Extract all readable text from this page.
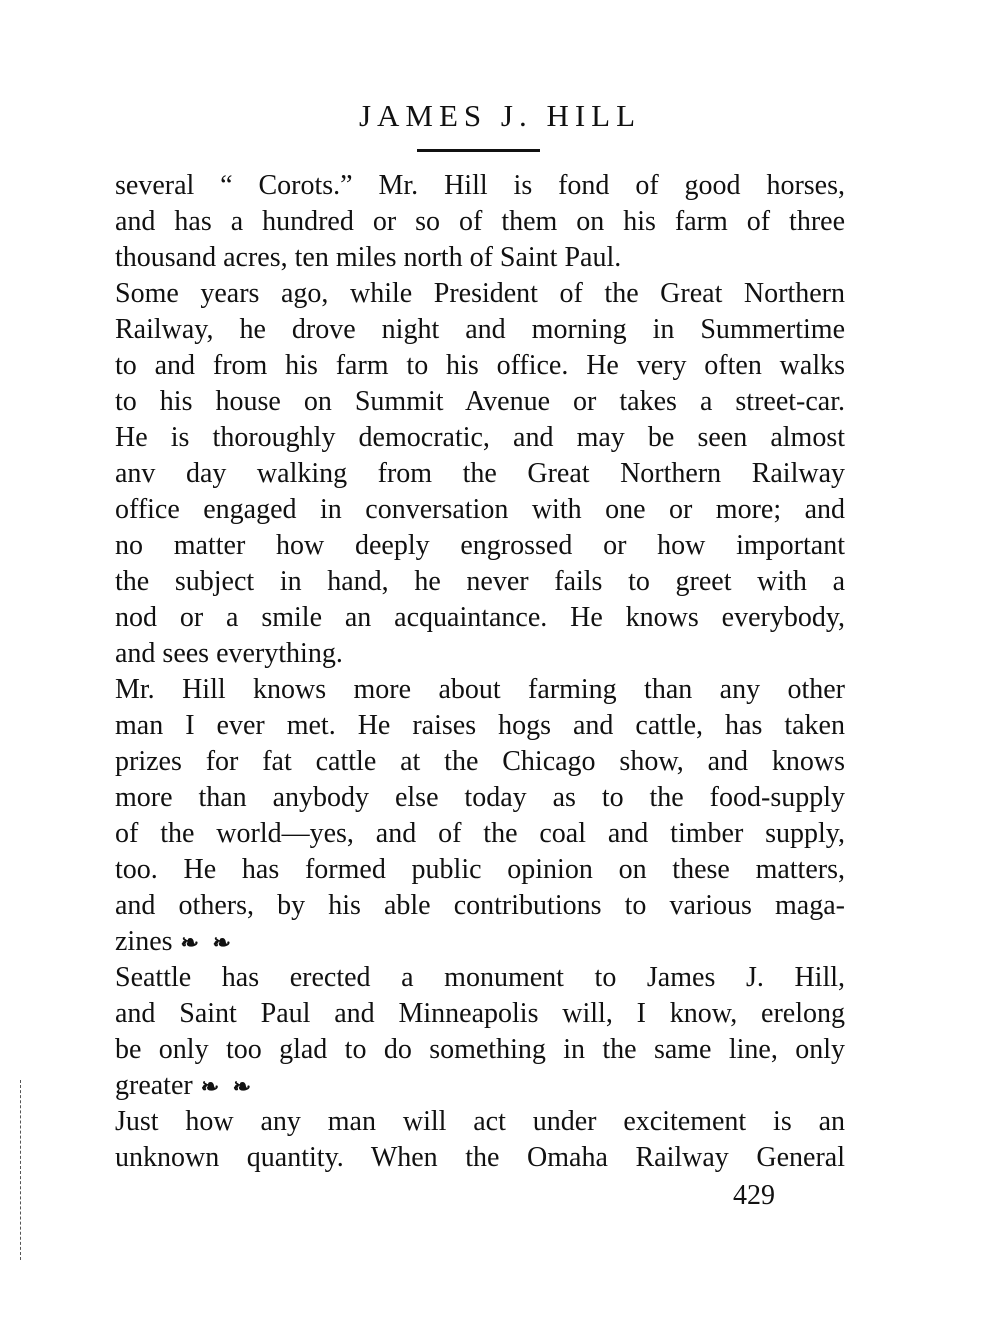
JAMES J. HILL
several “ Corots.” Mr. Hill is fond of good horses,
and has a hundred or so of them on his farm of three
thousand acres, ten miles north of Saint Paul.
Some years ago, while President of the Great Northern
Railway, he drove night and morning in Summertime
to and from his farm to his office. He very often walks
to his house on Summit Avenue or takes a street-car.
He is thoroughly democratic, and may be seen almost
anv day walking from the Great Northern Railway
office engaged in conversation with one or more; and
no matter how deeply engrossed or how important
the subject in hand, he never fails to greet with a
nod or a smile an acquaintance. He knows everybody,
and sees everything.
Mr. Hill knows more about farming than any other
man I ever met. He raises hogs and cattle, has taken
prizes for fat cattle at the Chicago show, and knows
more than anybody else today as to the food-supply
of the world—yes, and of the coal and timber supply,
too. He has formed public opinion on these matters,
and others, by his able contributions to various maga-
zines ❧ ❧
Seattle has erected a monument to James J. Hill,
and Saint Paul and Minneapolis will, I know, erelong
be only too glad to do something in the same line, only
greater ❧ ❧
Just how any man will act under excitement is an
unknown quantity. When the Omaha Railway General
429
